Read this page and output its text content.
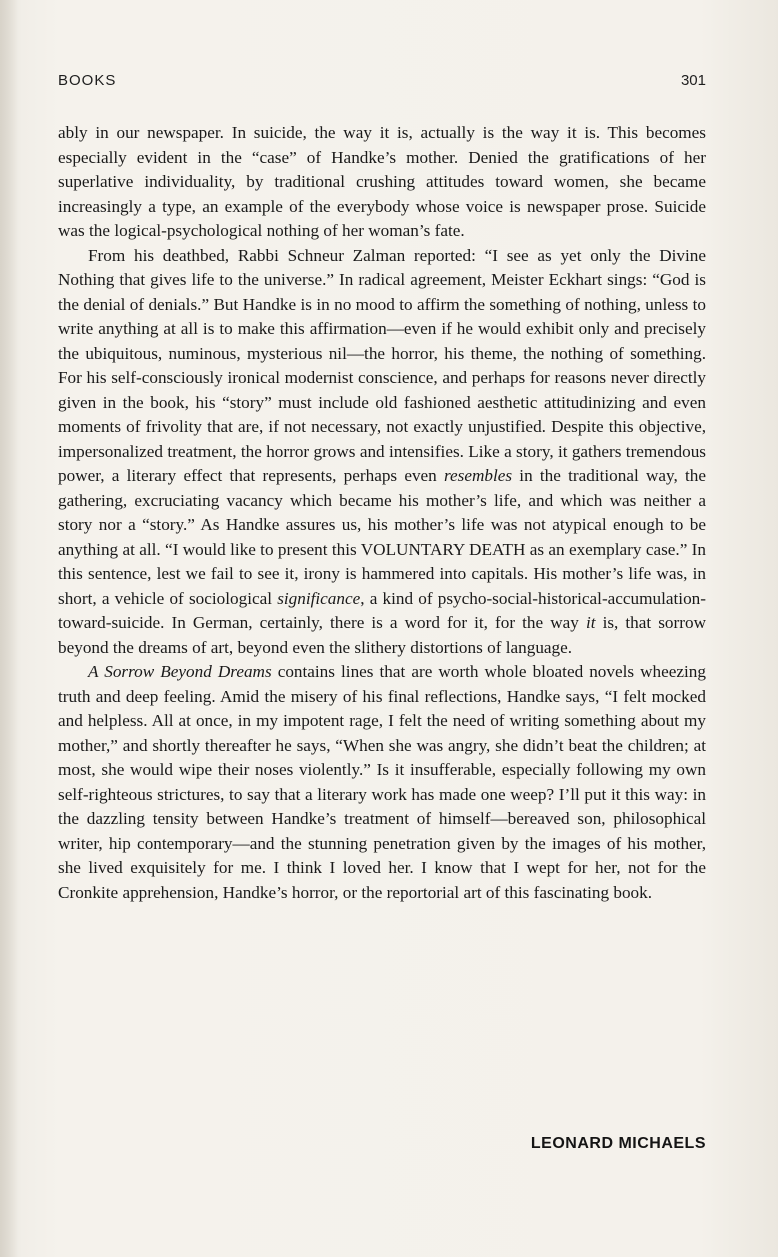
BOOKS	301

ably in our newspaper. In suicide, the way it is, actually is the way it is. This becomes especially evident in the “case” of Handke’s mother. Denied the gratifications of her superlative individuality, by traditional crushing attitudes toward women, she became increasingly a type, an example of the everybody whose voice is newspaper prose. Suicide was the logical-psychological nothing of her woman’s fate.

From his deathbed, Rabbi Schneur Zalman reported: “I see as yet only the Divine Nothing that gives life to the universe.” In radical agreement, Meister Eckhart sings: “God is the denial of denials.” But Handke is in no mood to affirm the something of nothing, unless to write anything at all is to make this affirmation—even if he would exhibit only and precisely the ubiquitous, numinous, mysterious nil—the horror, his theme, the nothing of something. For his self-consciously ironical modernist conscience, and perhaps for reasons never directly given in the book, his “story” must include old fashioned aesthetic attitudinizing and even moments of frivolity that are, if not necessary, not exactly unjustified. Despite this objective, impersonalized treatment, the horror grows and intensifies. Like a story, it gathers tremendous power, a literary effect that represents, perhaps even resembles in the traditional way, the gathering, excruciating vacancy which became his mother’s life, and which was neither a story nor a “story.” As Handke assures us, his mother’s life was not atypical enough to be anything at all. “I would like to present this VOLUNTARY DEATH as an exemplary case.” In this sentence, lest we fail to see it, irony is hammered into capitals. His mother’s life was, in short, a vehicle of sociological significance, a kind of psycho-social-historical-accumulation-toward-suicide. In German, certainly, there is a word for it, for the way it is, that sorrow beyond the dreams of art, beyond even the slithery distortions of language.

A Sorrow Beyond Dreams contains lines that are worth whole bloated novels wheezing truth and deep feeling. Amid the misery of his final reflections, Handke says, “I felt mocked and helpless. All at once, in my impotent rage, I felt the need of writing something about my mother,” and shortly thereafter he says, “When she was angry, she didn’t beat the children; at most, she would wipe their noses violently.” Is it insufferable, especially following my own self-righteous strictures, to say that a literary work has made one weep? I’ll put it this way: in the dazzling tensity between Handke’s treatment of himself—bereaved son, philosophical writer, hip contemporary—and the stunning penetration given by the images of his mother, she lived exquisitely for me. I think I loved her. I know that I wept for her, not for the Cronkite apprehension, Handke’s horror, or the reportorial art of this fascinating book.

LEONARD MICHAELS
